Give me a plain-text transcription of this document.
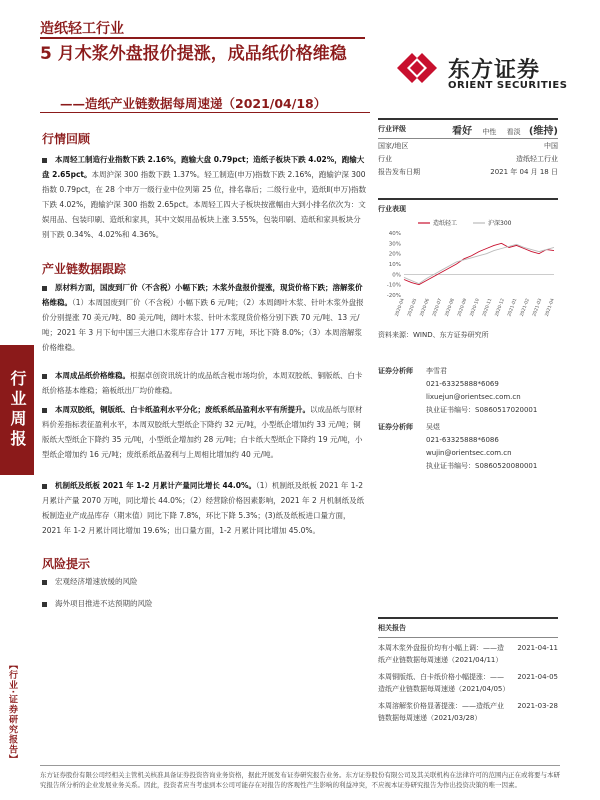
造纸轻工行业
5 月木浆外盘报价提涨，成品纸价格维稳
——造纸产业链数据每周速递（2021/04/18）
东方证券
ORIENT SECURITIES
行业周报
【行业·证券研究报告】
行情回顾
本周轻工制造行业指数下跌 2.16%，跑输大盘 0.79pct；造纸子板块下跌 4.02%，跑输大盘 2.65pct。本周沪深 300 指数下跌 1.37%。轻工制造(申万)指数下跌 2.16%，跑输沪深 300 指数 0.79pct，在 28 个申万一级行业中位列第 25 位，排名靠后；二级行业中，造纸Ⅱ(申万)指数下跌 4.02%，跑输沪深 300 指数 2.65pct。本周轻工四大子板块按涨幅由大到小排名依次为：文娱用品、包装印刷、造纸和家具，其中文娱用品板块上涨 3.55%，包装印刷、造纸和家具板块分别下跌 0.34%、4.02%和 4.36%。
产业链数据跟踪
原材料方面，国废到厂价（不含税）小幅下跌；木浆外盘报价提涨，现货价格下跌；溶解浆价格维稳。（1）本周国废到厂价（不含税）小幅下跌 6 元/吨；（2）本周阔叶木浆、针叶木浆外盘报价分别提涨 70 美元/吨、80 美元/吨，阔叶木浆、针叶木浆现货价格分别下跌 70 元/吨、13 元/吨；2021 年 3 月下旬中国三大港口木浆库存合计 177 万吨，环比下降 8.0%；（3）本周溶解浆价格维稳。
本周成品纸价格维稳。根据卓创资讯统计的成品纸含税市场均价，本周双胶纸、铜版纸、白卡纸价格基本维稳；箱板纸出厂均价维稳。
本周双胶纸，铜版纸、白卡纸盈利水平分化；废纸系纸品盈利水平有所提升。以成品纸与原材料价差指标表征盈利水平，本周双胶纸大型纸企下降约 32 元/吨，小型纸企增加约 33 元/吨；铜版纸大型纸企下降约 35 元/吨，小型纸企增加约 28 元/吨；白卡纸大型纸企下降约 19 元/吨，小型纸企增加约 16 元/吨；废纸系纸品盈利与上周相比增加约 40 元/吨。
机制纸及纸板 2021 年 1-2 月累计产量同比增长 44.0%。（1）机制纸及纸板 2021 年 1-2 月累计产量 2070 万吨，同比增长 44.0%；（2）经营除价格因素影响，2021 年 2 月机制纸及纸板制造业产成品库存（期末值）同比下降 7.8%，环比下降 5.3%；(3)纸及纸板进口量方面，2021 年 1-2 月累计同比增加 19.6%；出口量方面，1-2 月累计同比增加 45.0%。
风险提示
宏观经济增速放缓的风险
海外项目推进不达预期的风险
行业评级	看好 中性 看淡 (维持)
国家/地区	中国
行业	造纸轻工行业
报告发布日期	2021 年 04 月 18 日
行业表现
40%
30%
20%
10%
0%
-10%
-20%
2020-04 2020-05 2020-06 2020-07 2020-08 2020-09 2020-10 2020-11 2020-12 2021-01 2021-02 2021-03 2021-04
造纸轻工	沪深300
资料来源：WIND、东方证券研究所
证券分析师	李雪君
021-63325888*6069
lixuejun@orientsec.com.cn
执业证书编号：S0860517020001
证券分析师	吴煜
021-63325888*6086
wujin@orientsec.com.cn
执业证书编号：S0860520080001
相关报告
本周木浆外盘报价均有小幅上调：——造纸产业链数据每周速递（2021/04/11）
2021-04-11
本周铜版纸、白卡纸价格小幅提涨：——造纸产业链数据每周速递（2021/04/05）
2021-04-05
本周溶解浆价格显著提涨：——造纸产业链数据每周速递（2021/03/28）
2021-03-28
东方证券股份有限公司经相关主管机关核准具备证券投资咨询业务资格，据此开展发布证券研究报告业务。东方证券股份有限公司及其关联机构在法律许可的范围内正在或将要与本研究报告所分析的企业发展业务关系。因此，投资者应当考虑到本公司可能存在对报告的客观性产生影响的利益冲突，不应视本证券研究报告为作出投资决策的唯一因素。
